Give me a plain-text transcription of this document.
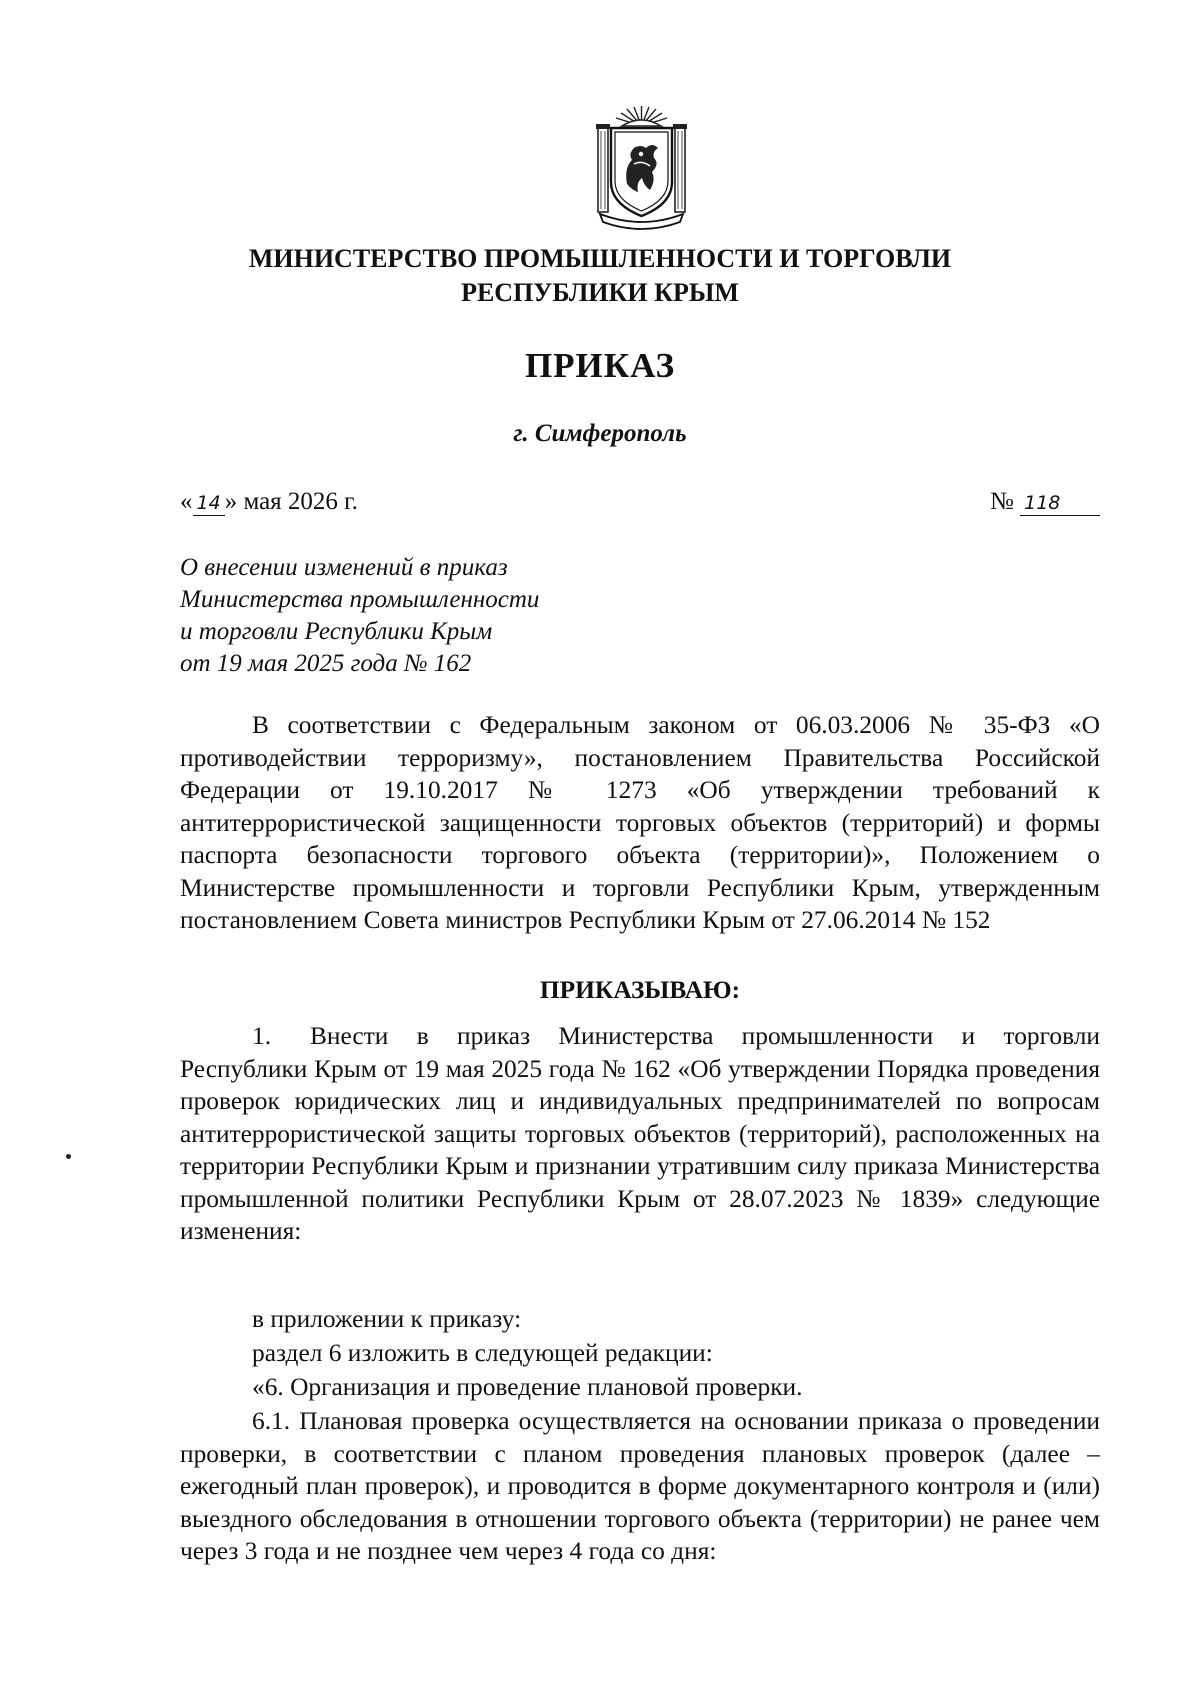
МИНИСТЕРСТВО ПРОМЫШЛЕННОСТИ И ТОРГОВЛИ
РЕСПУБЛИКИ КРЫМ
ПРИКАЗ
г. Симферополь
« 14 » мая 2026 г.	№ 118
О внесении изменений в приказ
Министерства промышленности
и торговли Республики Крым
от 19 мая 2025 года № 162

В соответствии с Федеральным законом от 06.03.2006 № 35-ФЗ «О противодействии терроризму», постановлением Правительства Российской Федерации от 19.10.2017 № 1273 «Об утверждении требований к антитеррористической защищенности торговых объектов (территорий) и формы паспорта безопасности торгового объекта (территории)», Положением о Министерстве промышленности и торговли Республики Крым, утвержденным постановлением Совета министров Республики Крым от 27.06.2014 № 152

ПРИКАЗЫВАЮ:

1. Внести в приказ Министерства промышленности и торговли Республики Крым от 19 мая 2025 года № 162 «Об утверждении Порядка проведения проверок юридических лиц и индивидуальных предпринимателей по вопросам антитеррористической защиты торговых объектов (территорий), расположенных на территории Республики Крым и признании утратившим силу приказа Министерства промышленной политики Республики Крым от 28.07.2023 № 1839» следующие изменения:

в приложении к приказу:
раздел 6 изложить в следующей редакции:
«6. Организация и проведение плановой проверки.

6.1. Плановая проверка осуществляется на основании приказа о проведении проверки, в соответствии с планом проведения плановых проверок (далее – ежегодный план проверок), и проводится в форме документарного контроля и (или) выездного обследования в отношении торгового объекта (территории) не ранее чем через 3 года и не позднее чем через 4 года со дня:
